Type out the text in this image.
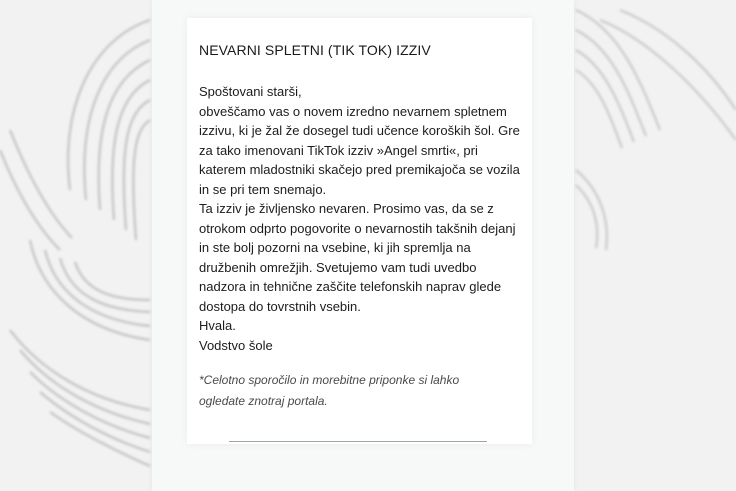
NEVARNI SPLETNI (TIK TOK) IZZIV
Spoštovani starši,
obveščamo vas o novem izredno nevarnem spletnem
izzivu, ki je žal že dosegel tudi učence koroških šol. Gre
za tako imenovani TikTok izziv »Angel smrti«, pri
katerem mladostniki skačejo pred premikajoča se vozila
in se pri tem snemajo.
Ta izziv je življensko nevaren. Prosimo vas, da se z
otrokom odprto pogovorite o nevarnostih takšnih dejanj
in ste bolj pozorni na vsebine, ki jih spremlja na
družbenih omrežjih. Svetujemo vam tudi uvedbo
nadzora in tehnične zaščite telefonskih naprav glede
dostopa do tovrstnih vsebin.
Hvala.
Vodstvo šole
*Celotno sporočilo in morebitne priponke si lahko
ogledate znotraj portala.
